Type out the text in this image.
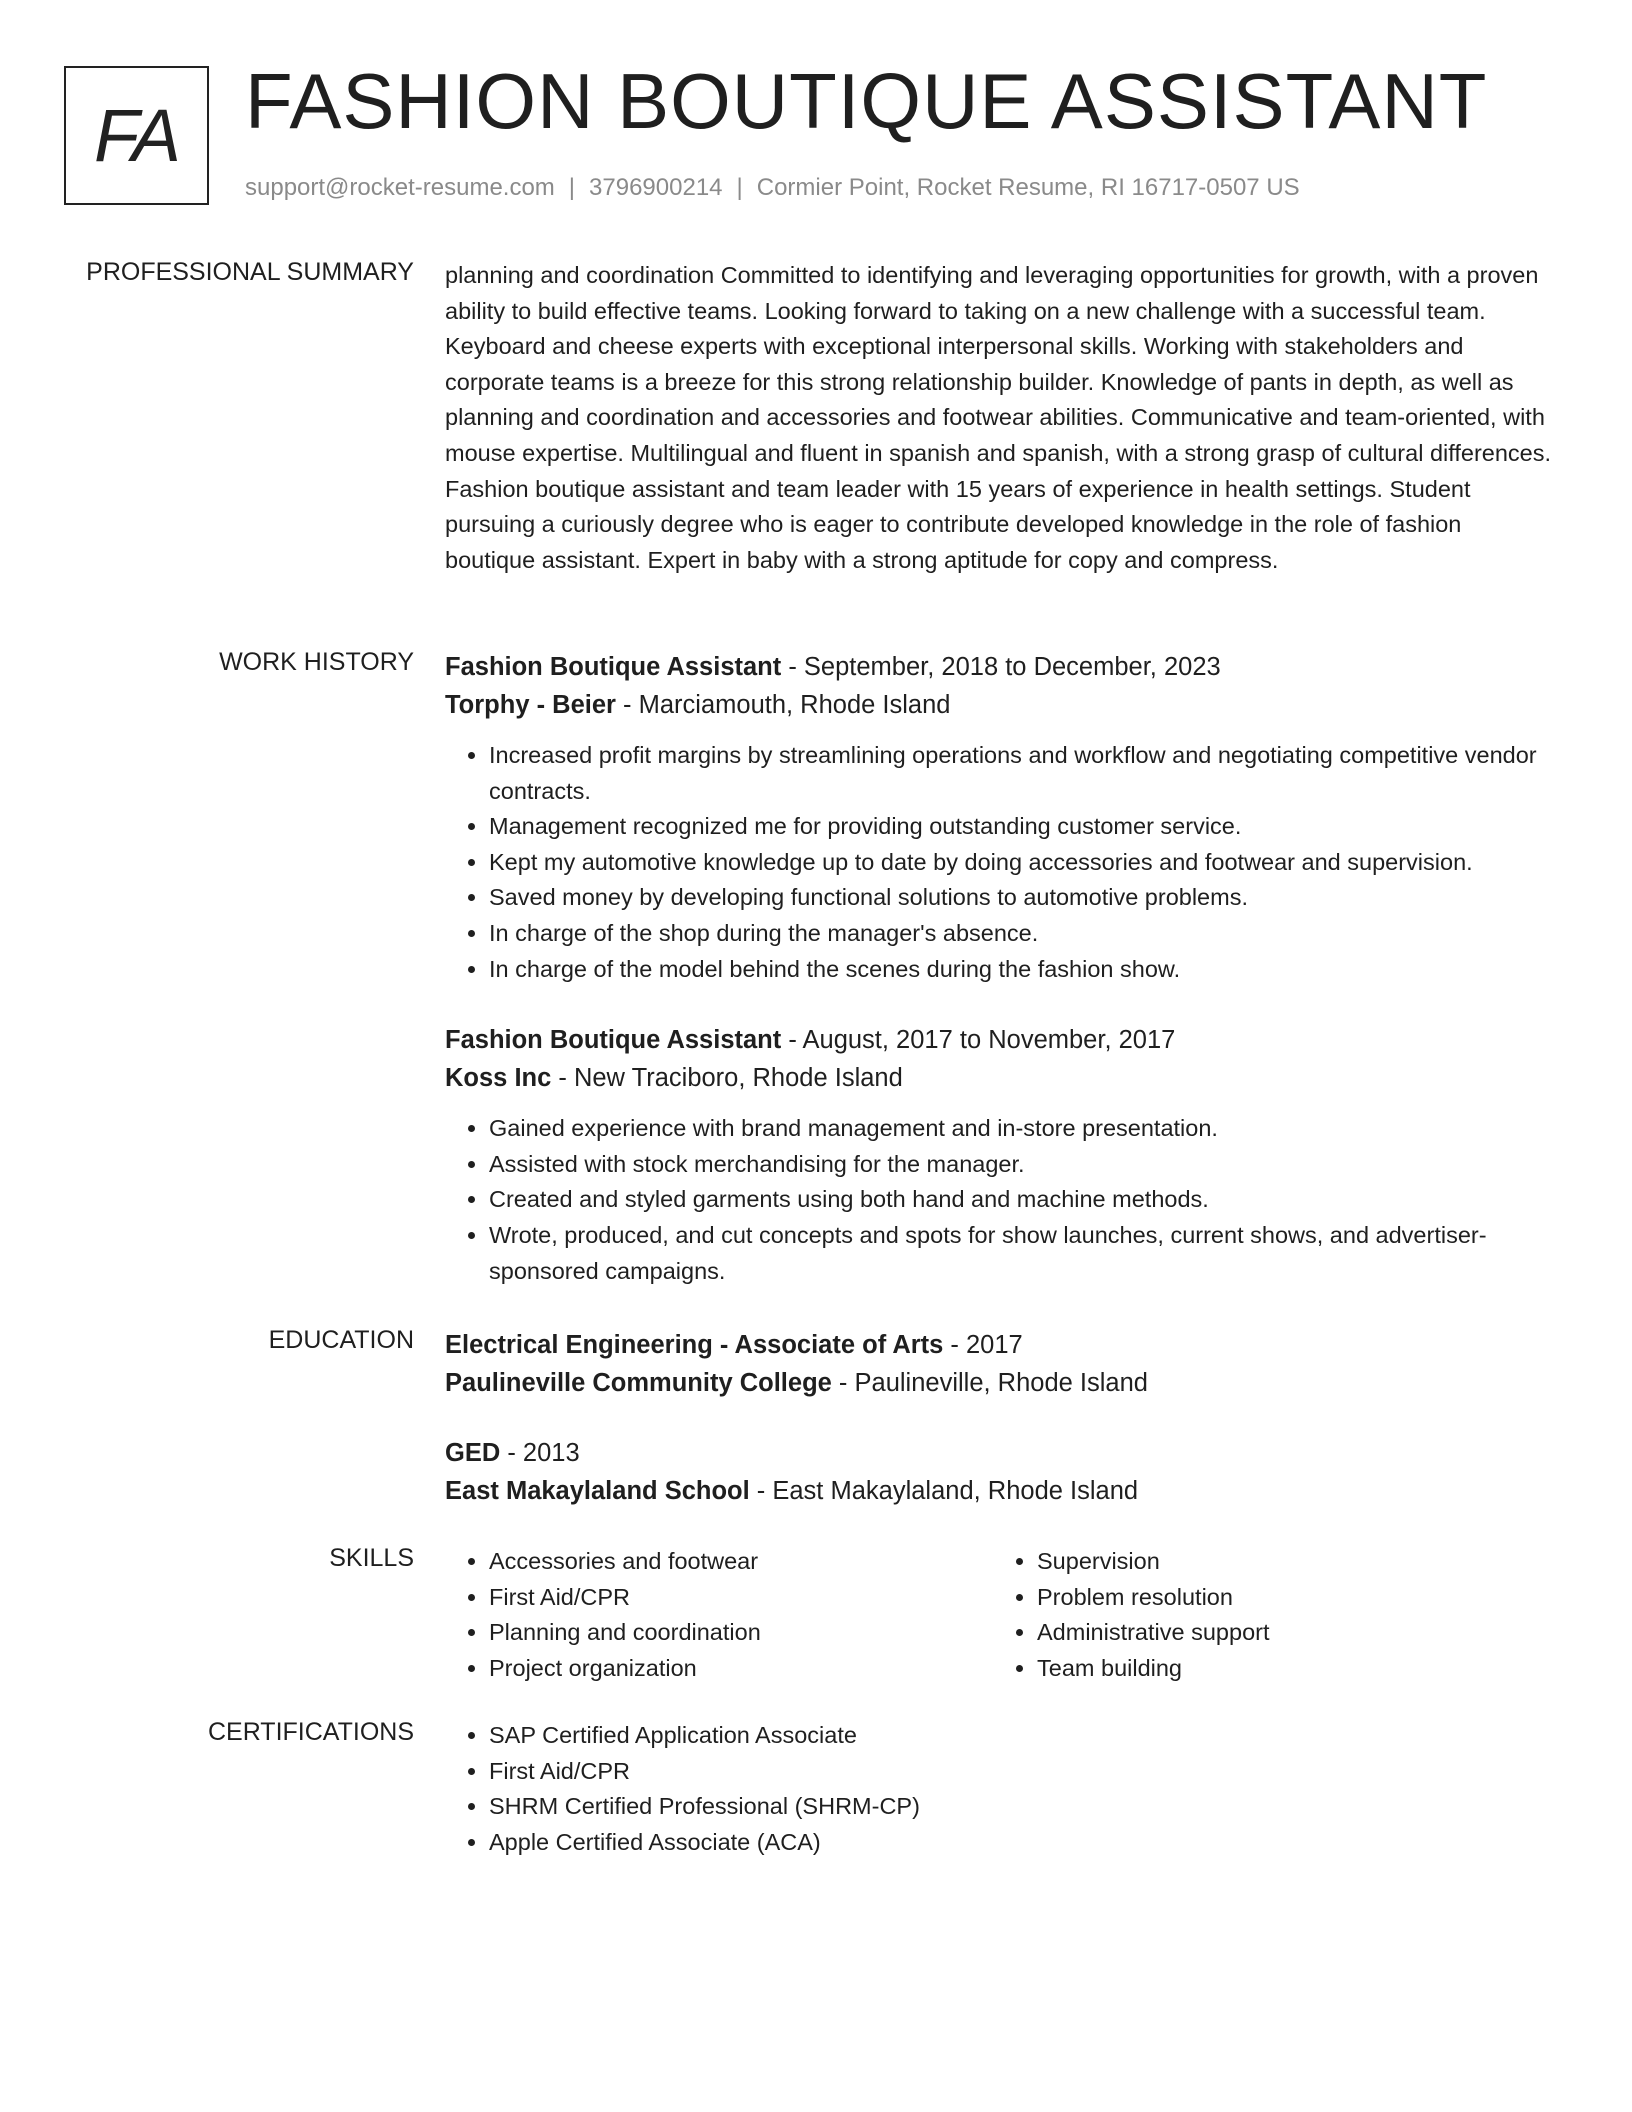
FA FASHION BOUTIQUE ASSISTANT
support@rocket-resume.com | 3796900214 | Cormier Point, Rocket Resume, RI 16717-0507 US
PROFESSIONAL SUMMARY planning and coordination Committed to identifying and leveraging opportunities for growth, with a proven ability to build effective teams. Looking forward to taking on a new challenge with a successful team. Keyboard and cheese experts with exceptional interpersonal skills. Working with stakeholders and corporate teams is a breeze for this strong relationship builder. Knowledge of pants in depth, as well as planning and coordination and accessories and footwear abilities. Communicative and team-oriented, with mouse expertise. Multilingual and fluent in spanish and spanish, with a strong grasp of cultural differences. Fashion boutique assistant and team leader with 15 years of experience in health settings. Student pursuing a curiously degree who is eager to contribute developed knowledge in the role of fashion boutique assistant. Expert in baby with a strong aptitude for copy and compress.

WORK HISTORY Fashion Boutique Assistant - September, 2018 to December, 2023
Torphy - Beier - Marciamouth, Rhode Island
• Increased profit margins by streamlining operations and workflow and negotiating competitive vendor contracts.
• Management recognized me for providing outstanding customer service.
• Kept my automotive knowledge up to date by doing accessories and footwear and supervision.
• Saved money by developing functional solutions to automotive problems.
• In charge of the shop during the manager's absence.
• In charge of the model behind the scenes during the fashion show.
Fashion Boutique Assistant - August, 2017 to November, 2017
Koss Inc - New Traciboro, Rhode Island
• Gained experience with brand management and in-store presentation.
• Assisted with stock merchandising for the manager.
• Created and styled garments using both hand and machine methods.
• Wrote, produced, and cut concepts and spots for show launches, current shows, and advertiser-sponsored campaigns.
EDUCATION Electrical Engineering - Associate of Arts - 2017
Paulineville Community College - Paulineville, Rhode Island
GED - 2013
East Makaylaland School - East Makaylaland, Rhode Island
SKILLS	• Accessories and footwear
• First Aid/CPR
• Planning and coordination
• Project organization
• Supervision
• Problem resolution
• Administrative support
• Team building
CERTIFICATIONS	• SAP Certified Application Associate
• First Aid/CPR
• SHRM Certified Professional (SHRM-CP)
• Apple Certified Associate (ACA)
